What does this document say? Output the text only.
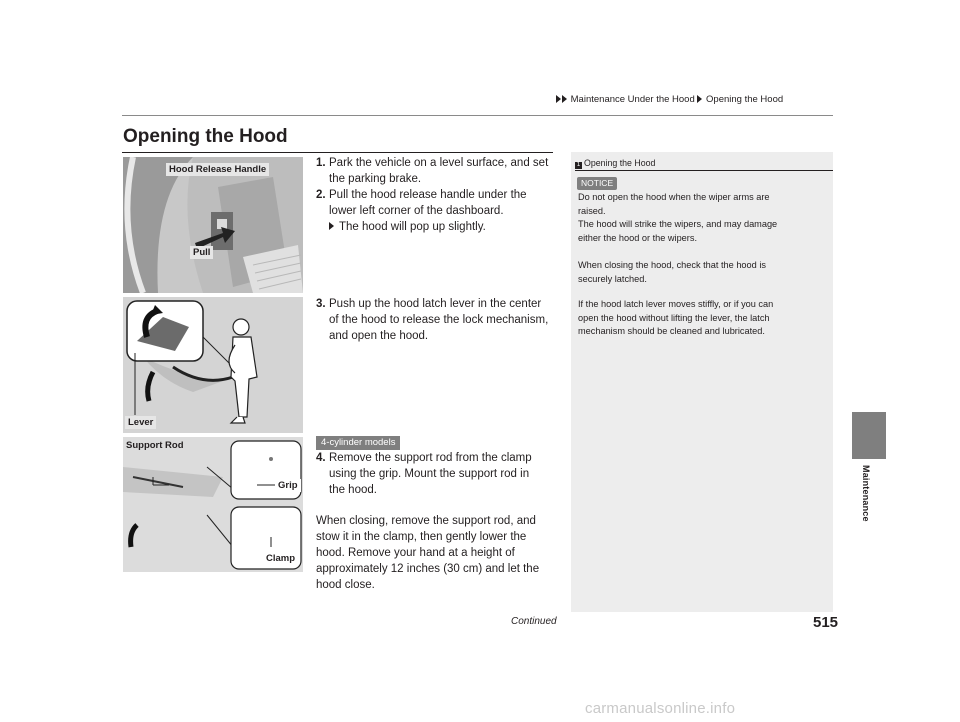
Maintenance Under the Hood Opening the Hood
Opening the Hood
Maintenance
Hood Release Handle
Pull
Lever
Support Rod
Grip
Clamp
1. Park the vehicle on a level surface, and set
the parking brake.
2. Pull the hood release handle under the
lower left corner of the dashboard.
The hood will pop up slightly.
3. Push up the hood latch lever in the center
of the hood to release the lock mechanism,
and open the hood.
4-cylinder models
4. Remove the support rod from the clamp
using the grip. Mount the support rod in
the hood.
When closing, remove the support rod, and
stow it in the clamp, then gently lower the
hood. Remove your hand at a height of
approximately 12 inches (30 cm) and let the
hood close.
1 Opening the Hood
NOTICE
Do not open the hood when the wiper arms are
raised.
The hood will strike the wipers, and may damage
either the hood or the wipers.
When closing the hood, check that the hood is
securely latched.
If the hood latch lever moves stiffly, or if you can
open the hood without lifting the lever, the latch
mechanism should be cleaned and lubricated.
Continued	515
carmanualsonline.info
